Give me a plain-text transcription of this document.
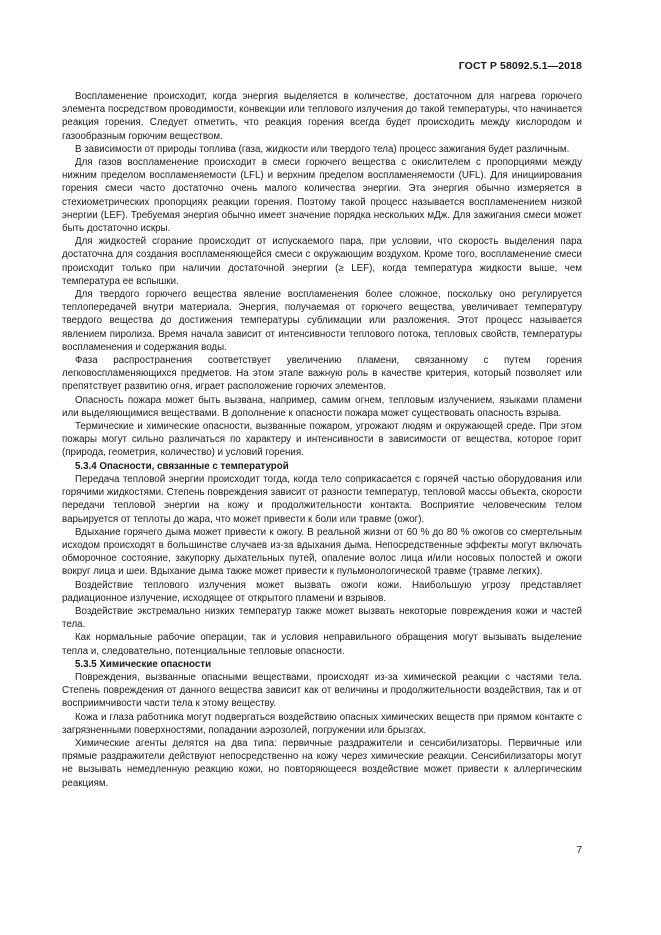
ГОСТ Р 58092.5.1—2018

Воспламенение происходит, когда энергия выделяется в количестве, достаточном для нагрева горючего элемента посредством проводимости, конвекции или теплового излучения до такой температуры, что начинается реакция горения. Следует отметить, что реакция горения всегда будет происходить между кислородом и газообразным горючим веществом.

В зависимости от природы топлива (газа, жидкости или твердого тела) процесс зажигания будет различным.

Для газов воспламенение происходит в смеси горючего вещества с окислителем с пропорциями между нижним пределом воспламеняемости (LFL) и верхним пределом воспламеняемости (UFL). Для инициирования горения смеси часто достаточно очень малого количества энергии. Эта энергия обычно измеряется в стехиометрических пропорциях реакции горения. Поэтому такой процесс называется воспламенением низкой энергии (LEF). Требуемая энергия обычно имеет значение порядка нескольких мДж. Для зажигания смеси может быть достаточно искры.

Для жидкостей сгорание происходит от испускаемого пара, при условии, что скорость выделения пара достаточна для создания воспламеняющейся смеси с окружающим воздухом. Кроме того, воспламенение смеси происходит только при наличии достаточной энергии (≥ LEF), когда температура жидкости выше, чем температура ее вспышки.

Для твердого горючего вещества явление воспламенения более сложное, поскольку оно регулируется теплопередачей внутри материала. Энергия, получаемая от горючего вещества, увеличивает температуру твердого вещества до достижения температуры сублимации или разложения. Этот процесс называется явлением пиролиза. Время начала зависит от интенсивности теплового потока, тепловых свойств, температуры воспламенения и содержания воды.

Фаза распространения соответствует увеличению пламени, связанному с путем горения легковоспламеняющихся предметов. На этом этапе важную роль в качестве критерия, который позволяет или препятствует развитию огня, играет расположение горючих элементов.

Опасность пожара может быть вызвана, например, самим огнем, тепловым излучением, языками пламени или выделяющимися веществами. В дополнение к опасности пожара может существовать опасность взрыва.

Термические и химические опасности, вызванные пожаром, угрожают людям и окружающей среде. При этом пожары могут сильно различаться по характеру и интенсивности в зависимости от вещества, которое горит (природа, геометрия, количество) и условий горения.

5.3.4 Опасности, связанные с температурой

Передача тепловой энергии происходит тогда, когда тело соприкасается с горячей частью оборудования или горячими жидкостями. Степень повреждения зависит от разности температур, тепловой массы объекта, скорости передачи тепловой энергии на кожу и продолжительности контакта. Восприятие человеческим телом варьируется от теплоты до жара, что может привести к боли или травме (ожог).

Вдыхание горячего дыма может привести к ожогу. В реальной жизни от 60 % до 80 % ожогов со смертельным исходом происходят в большинстве случаев из-за вдыхания дыма. Непосредственные эффекты могут включать обморочное состояние, закупорку дыхательных путей, опаление волос лица и/или носовых полостей и ожоги вокруг лица и шеи. Вдыхание дыма также может привести к пульмонологической травме (травме легких).

Воздействие теплового излучения может вызвать ожоги кожи. Наибольшую угрозу представляет радиационное излучение, исходящее от открытого пламени и взрывов.

Воздействие экстремально низких температур также может вызвать некоторые повреждения кожи и частей тела.

Как нормальные рабочие операции, так и условия неправильного обращения могут вызывать выделение тепла и, следовательно, потенциальные тепловые опасности.

5.3.5 Химические опасности

Повреждения, вызванные опасными веществами, происходят из-за химической реакции с частями тела. Степень повреждения от данного вещества зависит как от величины и продолжительности воздействия, так и от восприимчивости части тела к этому веществу.

Кожа и глаза работника могут подвергаться воздействию опасных химических веществ при прямом контакте с загрязненными поверхностями, попадании аэрозолей, погружении или брызгах.

Химические агенты делятся на два типа: первичные раздражители и сенсибилизаторы. Первичные или прямые раздражители действуют непосредственно на кожу через химические реакции. Сенсибилизаторы могут не вызывать немедленную реакцию кожи, но повторяющееся воздействие может привести к аллергическим реакциям.

7
